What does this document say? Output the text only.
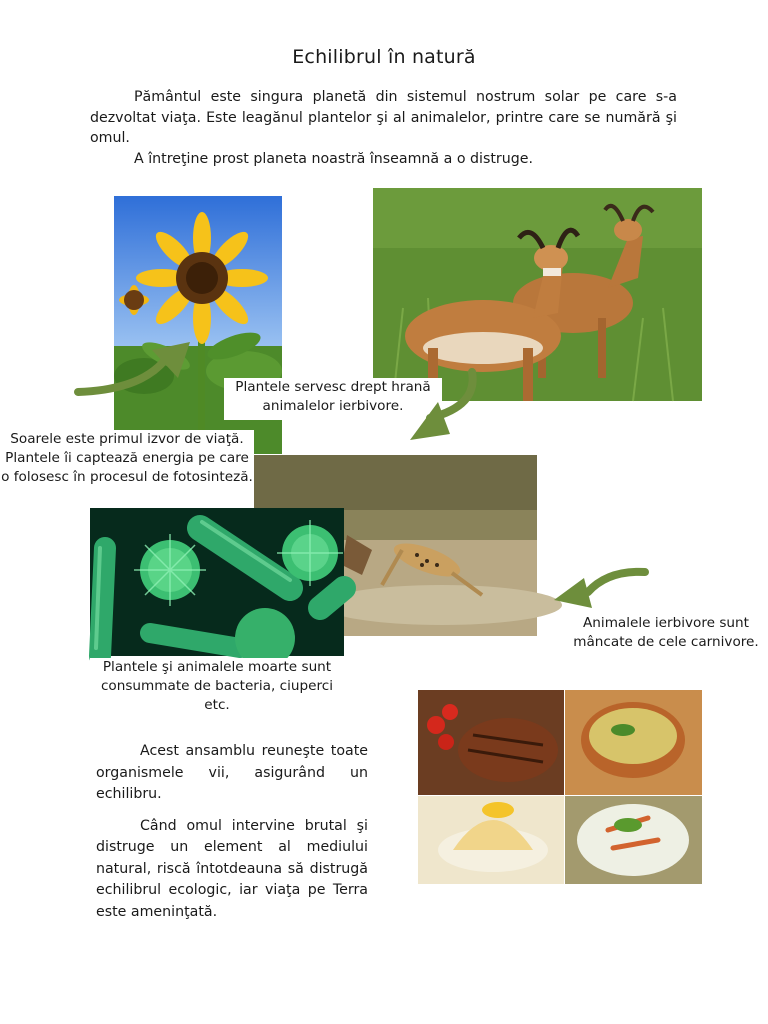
Echilibrul în natură

Pământul este singura planetă din sistemul nostrum solar pe care s-a dezvoltat viaţa. Este leagănul plantelor şi al animalelor, printre care se numără şi omul.

A întreţine prost planeta noastră înseamnă a o distruge.

Plantele servesc drept hrană animalelor ierbivore.
Soarele este primul izvor de viaţă. Plantele îi captează energia pe care o folosesc în procesul de fotosinteză.
Animalele ierbivore sunt mâncate de cele carnivore.
Plantele şi animalele moarte sunt consummate de bacteria, ciuperci etc.

Acest ansamblu reuneşte toate organismele vii, asigurând un echilibru.

Când omul intervine brutal şi distruge un element al mediului natural, riscă întotdeauna să distrugă echilibrul ecologic, iar viaţa pe Terra este ameninţată.
